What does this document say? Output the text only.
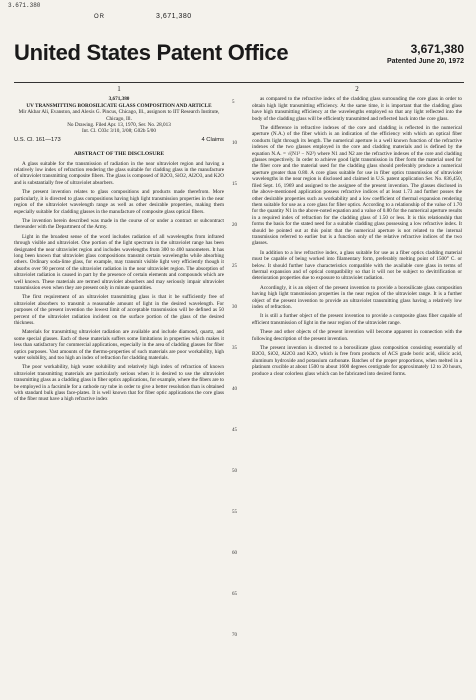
3.671.380
OR	3,671,380
United States Patent Office	3,671,380
Patented June 20, 1972
1
3,671,380
UV TRANSMITTING BOROSILICATE GLASS COMPOSITION AND ARTICLE
Mir Akbar Ali, Evanston, and Alexis G. Pincus, Chicago, Ill., assignors to IIT Research Institute, Chicago, Ill.
No Drawing. Filed Apr. 13, 1970, Ser. No. 28,013
Int. Cl. C03c 3/10, 3/08; G02b 5/00
U.S. Cl. 161—173	4 Claims
ABSTRACT OF THE DISCLOSURE

A glass suitable for the transmission of radiation in the near ultraviolet region and having a relatively low index of refraction rendering the glass suitable for cladding glass in the manufacture of ultraviolet transmitting composite fibers. The glass is composed of B2O3, SiO2, Al2O3, and K2O and is substantially free of ultraviolet absorbers.

The present invention relates to glass compositions and products made therefrom. More particularly, it is directed to glass compositions having high light transmission properties in the near region of the ultraviolet wavelength range as well as other desirable properties, making them especially suitable for cladding glasses in the manufacture of composite glass optical fibers.

The invention herein described was made in the course of or under a contract or subcontract thereunder with the Department of the Army.

Light in the broadest sense of the word includes radiation of all wavelengths from infrared through visible and ultraviolet. One portion of the light spectrum in the ultraviolet range has been designated the near ultraviolet region and includes wavelengths from 300 to 400 nanometers. It has long been known that ultraviolet glass compositions transmit certain wavelengths while absorbing others. Ordinary soda-lime glass, for example, may transmit visible light very efficiently though it absorbs over 90 percent of the ultraviolet radiation in the near ultraviolet region. The absorption of ultraviolet radiation is caused in part by the presence of certain elements and compounds which are well known. These materials are termed ultraviolet absorbers and may seriously impair ultraviolet transmission even when they are present only in minute quantities.

The first requirement of an ultraviolet transmitting glass is that it be sufficiently free of ultraviolet absorbers to transmit a reasonable amount of light in the desired wavelength. For purposes of the present invention the lowest limit of acceptable transmission will be defined as 50 percent of the ultraviolet radiation incident on the surface portion of the glass of the desired thickness.

Materials for transmitting ultraviolet radiation are available and include diamond, quartz, and some special glasses. Each of these materials suffers some limitations in properties which makes it less than satisfactory for commercial applications, especially in the area of cladding glasses for fiber optics purposes. Vast amounts of the thermo-properties of such materials are poor workability, high water solubility, and too high an index of refraction for cladding materials.

The poor workability, high water solubility and relatively high index of refraction of known ultraviolet transmitting materials are particularly serious when it is desired to use the ultraviolet transmitting glass as a cladding glass in fiber optics applications, for example, where the fibers are to be employed in a facsimile for a cathode ray tube in order to give a better resolution than is obtained with standard bulk glass face-plates. It is well known that for fiber optic applications the core glass of the fiber must have a high refractive index

5
10
15
20
25
30
35
40
45
50
55
60
65
70
2

as compared to the refractive index of the cladding glass surrounding the core glass in order to obtain high light transmitting efficiency. At the same time, it is important that the cladding glass have high transmitting efficiency at the wavelengths employed so that any light reflected into the body of the cladding glass will be efficiently transmitted and reflected back into the core glass.

The difference in refractive indexes of the core and cladding is reflected in the numerical aperture (N.A.) of the fiber which is an indication of the efficiency with which an optical fiber conducts light through its length. The numerical aperture is a well known function of the refractive indexes of the two glasses employed in the core and cladding materials and is defined by the equation N.A. = √(N1² − N2²) where N1 and N2 are the refractive indexes of the core and cladding glasses respectively. In order to achieve good light transmission in fiber form the material used for the fiber core and the material used for the cladding glass should preferably produce a numerical aperture greater than 0.80. A core glass suitable for use in fiber optics transmission of ultraviolet wavelengths in the near region is disclosed and claimed in U.S. patent application Ser. No. 836,450, filed Sept. 16, 1969 and assigned to the assignee of the present invention. The glasses disclosed in the above-mentioned application possess refractive indices of at least 1.73 and further posses the other desirable properties such as workability and a low coefficient of thermal expansion rendering them suitable for use as a core glass for fiber optics. According to a relationship of the value of 1.70 for the quantity N1 in the above-noted equation and a value of 0.80 for the numerical aperture results in a required index of refraction for the cladding glass of 1.50 or less. It is this relationship that forms the basis for the stated need for a suitable cladding glass possessing a low refractive index. It should be pointed out at this point that the numerical aperture is not related to the internal transmission referred to earlier but is a function only of the relative refractive indices of the two glasses.

In addition to a low refractive index, a glass suitable for use as a fiber optics cladding material must be capable of being worked into filamentary form, preferably melting point of 1500° C. or below. It should further have characteristics compatible with the available core glass in terms of thermal expansion and of optical compatibility so that it will not be subject to devitrification or deterioration properties due to exposure to ultraviolet radiation.

Accordingly, it is an object of the present invention to provide a borosilicate glass composition having high light transmission properties in the near region of the ultraviolet range. It is a further object of the present invention to provide an ultraviolet transmitting glass having a relatively low index of refraction.

It is still a further object of the present invention to provide a composite glass fiber capable of efficient transmission of light in the near region of the ultraviolet range.

These and other objects of the present invention will become apparent in connection with the following description of the present invention.

The present invention is directed to a borosilicate glass composition consisting essentially of B2O3, SiO2, Al2O3 and K2O, which is free from products of ACS grade boric acid, silicic acid, aluminum hydroxide and potassium carbonate. Batches of the proper proportions, when melted in a platinum crucible at about 1500 to about 1600 degrees centigrade for approximately 12 to 20 hours, produce a clear colorless glass which can be fabricated into desired forms.
